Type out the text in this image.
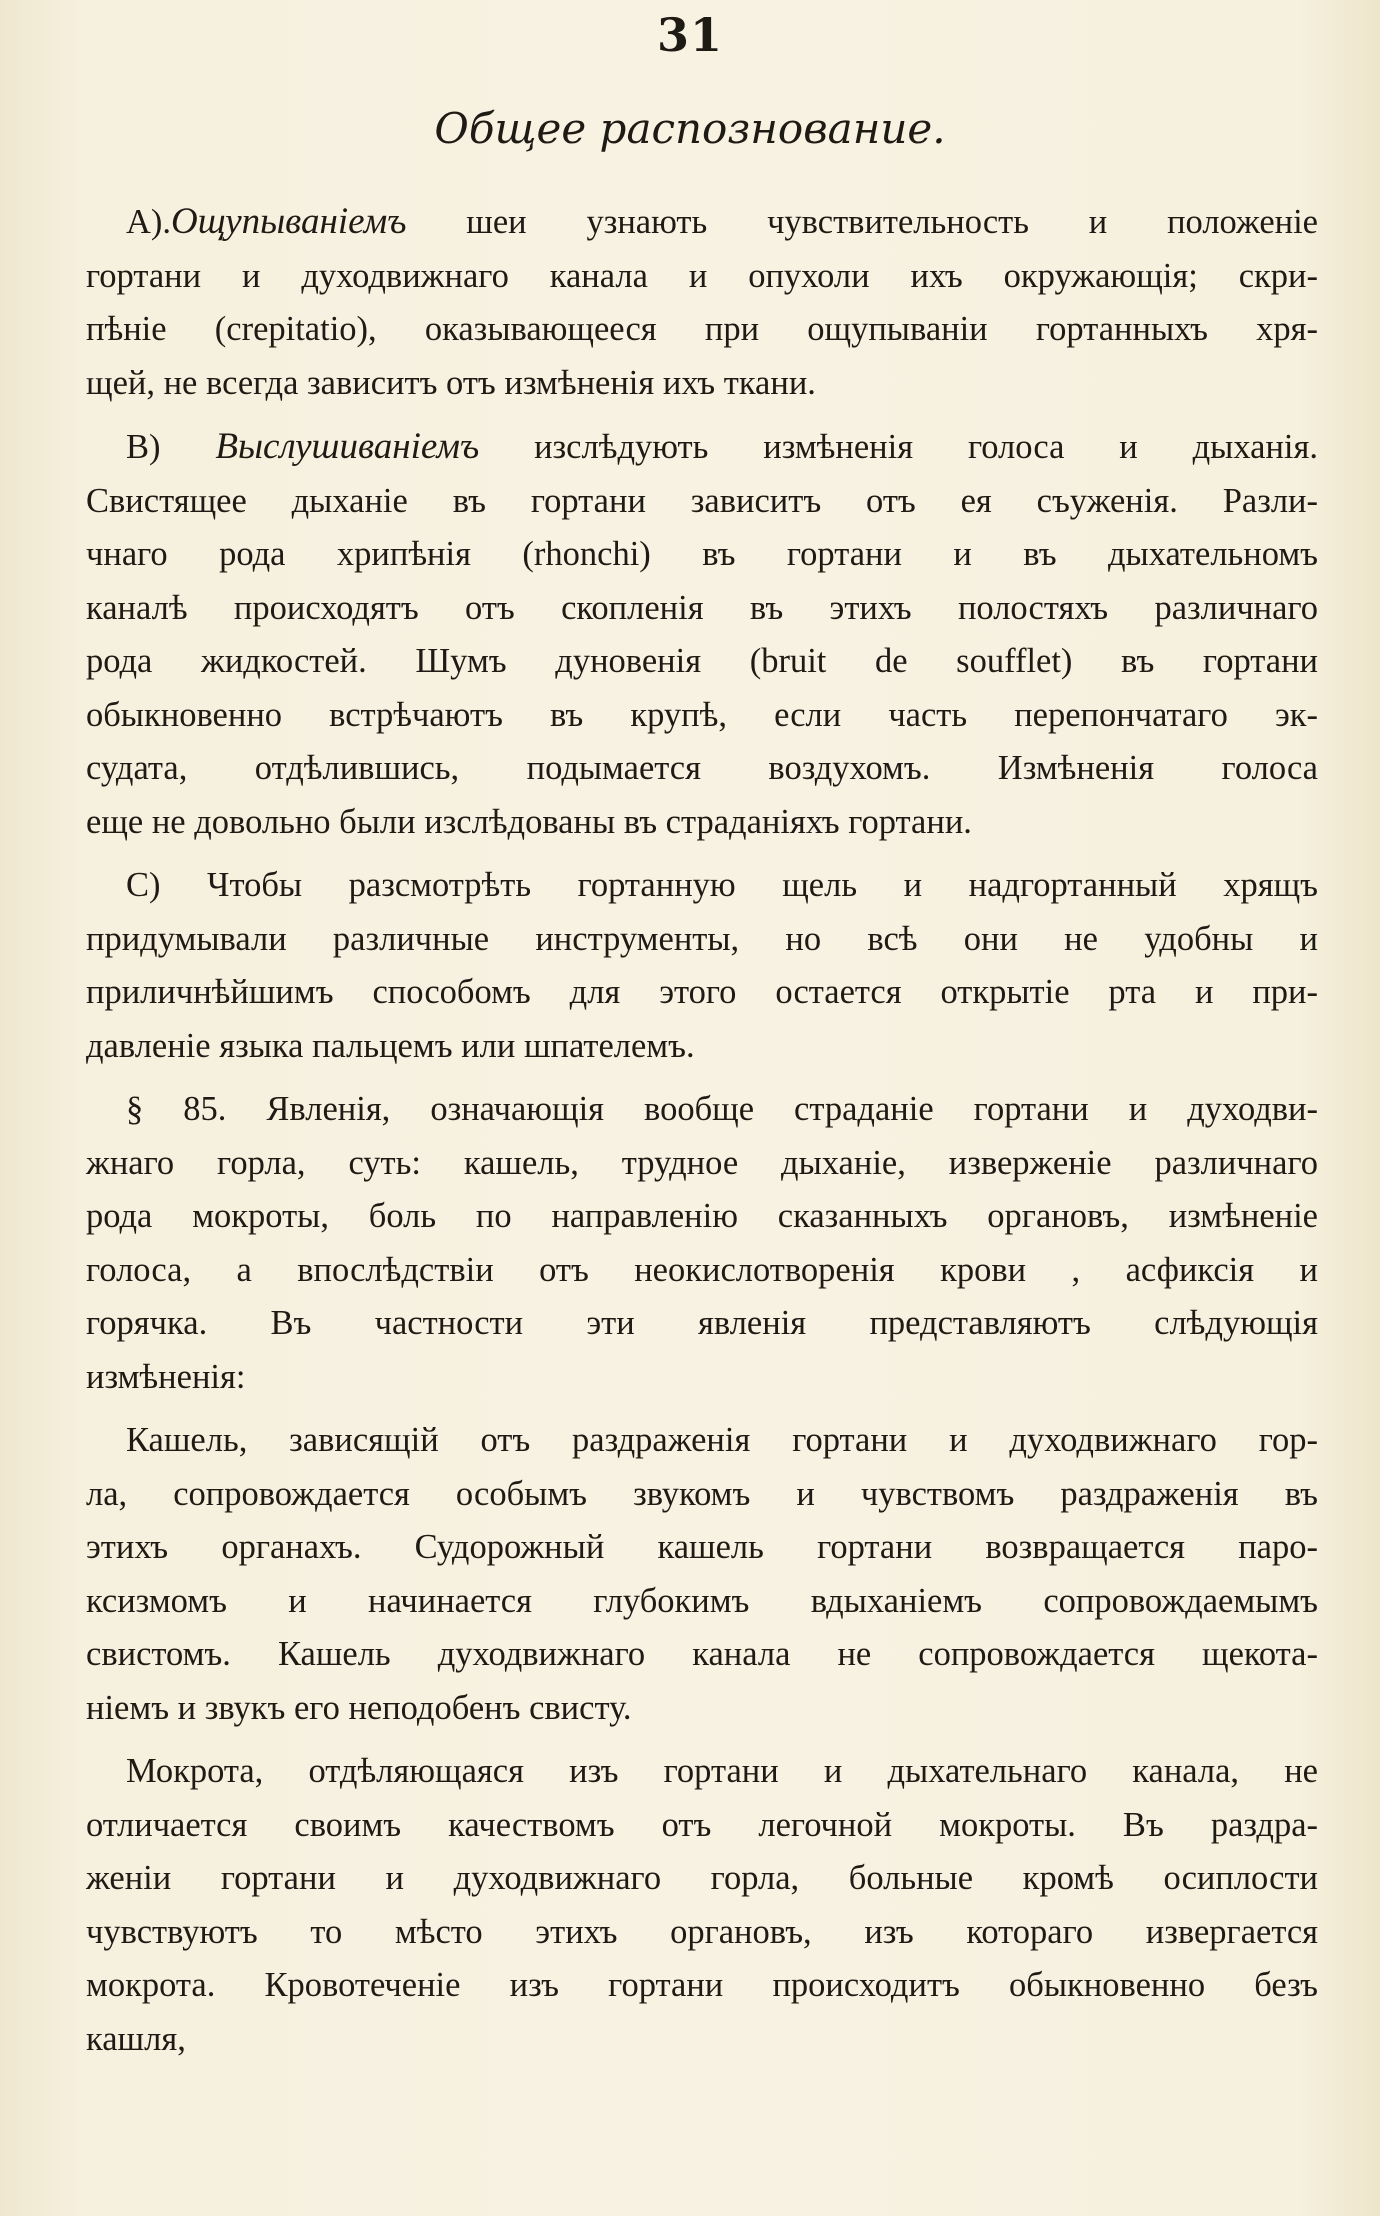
31
Общее распознование.
А).Ощупываніемъ шеи узнають чувствительность и положеніе
гортани и духодвижнаго канала и опухоли ихъ окружающія; скри-
пѣніе (crepitatio), оказывающееся при ощупываніи гортанныхъ хря-
щей, не всегда зависитъ отъ измѣненія ихъ ткани.
В) Выслушиваніемъ изслѣдують измѣненія голоса и дыханія.
Свистящее дыханіе въ гортани зависитъ отъ ея съуженія. Разли-
чнаго рода хрипѣнія (rhonchi) въ гортани и въ дыхательномъ
каналѣ происходятъ отъ скопленія въ этихъ полостяхъ различнаго
рода жидкостей. Шумъ дуновенія (bruit de soufflet) въ гортани
обыкновенно встрѣчаютъ въ крупѣ, если часть перепончатаго эк-
судата, отдѣлившись, подымается воздухомъ. Измѣненія голоса
еще не довольно были изслѣдованы въ страданіяхъ гортани.
С) Чтобы разсмотрѣть гортанную щель и надгортанный хрящъ
придумывали различные инструменты, но всѣ они не удобны и
приличнѣйшимъ способомъ для этого остается открытіе рта и при-
давленіе языка пальцемъ или шпателемъ.
§ 85. Явленія, означающія вообще страданіе гортани и духодви-
жнаго горла, суть: кашель, трудное дыханіе, изверженіе различнаго
рода мокроты, боль по направленію сказанныхъ органовъ, измѣненіе
голоса, а впослѣдствіи отъ неокислотворенія крови , асфиксія и
горячка. Въ частности эти явленія представляютъ слѣдующія
измѣненія:
Кашель, зависящій отъ раздраженія гортани и духодвижнаго гор-
ла, сопровождается особымъ звукомъ и чувствомъ раздраженія въ
этихъ органахъ. Судорожный кашель гортани возвращается паро-
ксизмомъ и начинается глубокимъ вдыханіемъ сопровождаемымъ
свистомъ. Кашель духодвижнаго канала не сопровождается щекота-
ніемъ и звукъ его неподобенъ свисту.
Мокрота, отдѣляющаяся изъ гортани и дыхательнаго канала, не
отличается своимъ качествомъ отъ легочной мокроты. Въ раздра-
женіи гортани и духодвижнаго горла, больные кромѣ осиплости
чувствуютъ то мѣсто этихъ органовъ, изъ котораго извергается
мокрота. Кровотеченіе изъ гортани происходитъ обыкновенно безъ
кашля,
